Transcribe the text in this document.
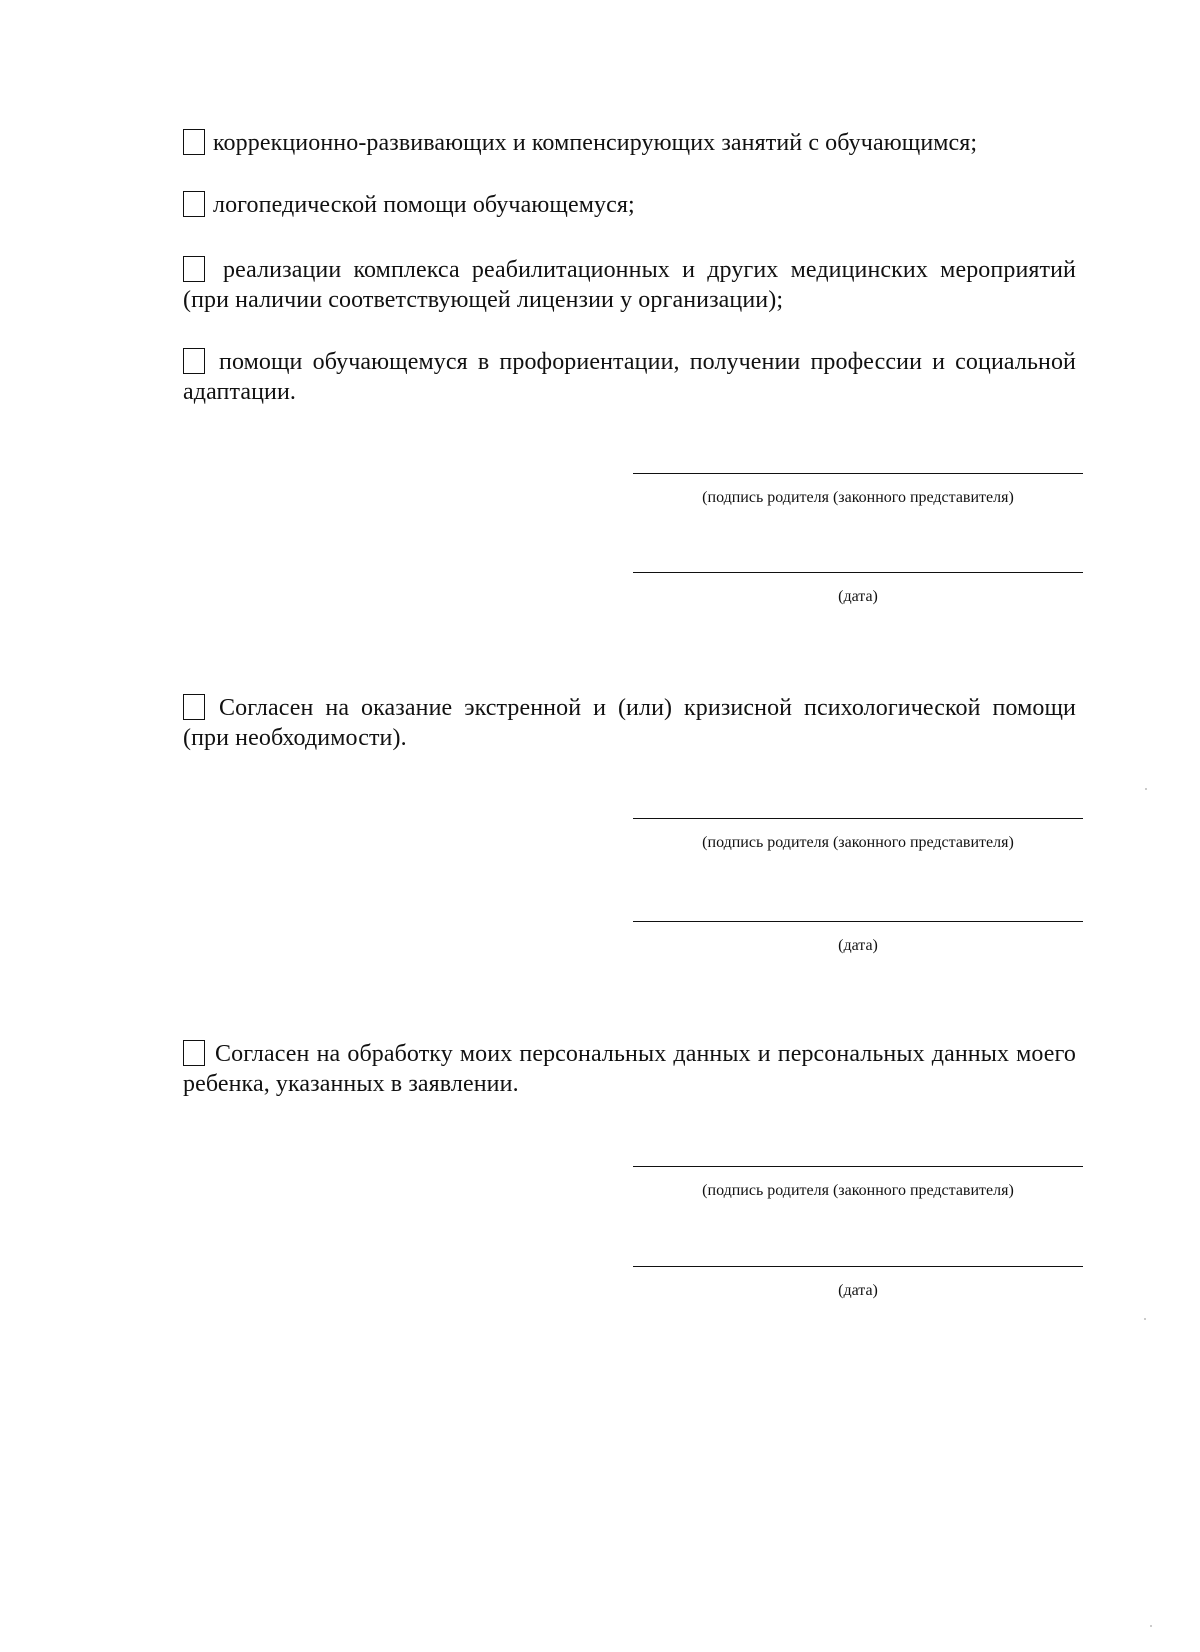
коррекционно-развивающих и компенсирующих занятий с обучающимся;
логопедической помощи обучающемуся;
реализации комплекса реабилитационных и других медицинских мероприятий (при наличии соответствующей лицензии у организации);
помощи обучающемуся в профориентации, получении профессии и социальной адаптации.
(подпись родителя (законного представителя)
(дата)
Согласен на оказание экстренной и (или) кризисной психологической помощи (при необходимости).
(подпись родителя (законного представителя)
(дата)
Согласен на обработку моих персональных данных и персональных данных моего ребенка, указанных в заявлении.
(подпись родителя (законного представителя)
(дата)
